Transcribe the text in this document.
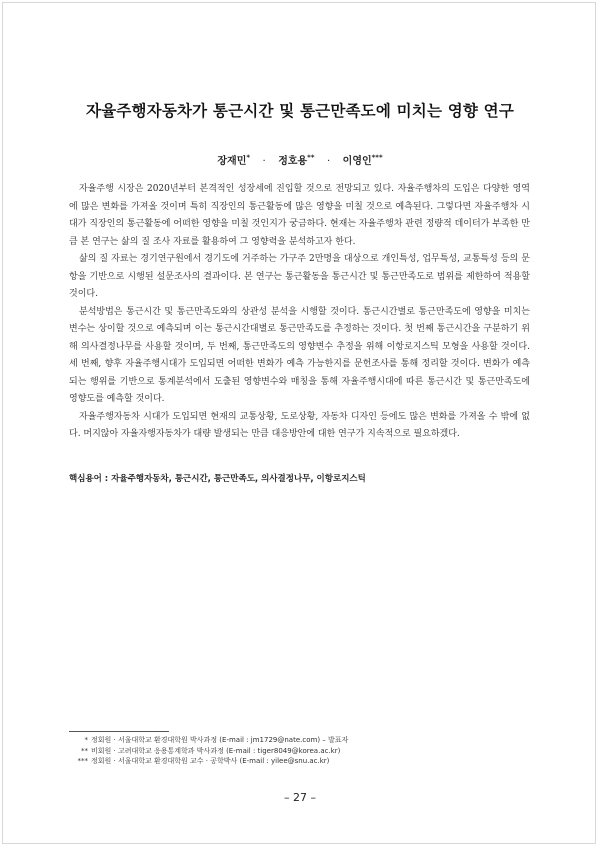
자율주행자동차가 통근시간 및 통근만족도에 미치는 영향 연구
장재민* · 정호용** · 이영인***

자율주행 시장은 2020년부터 본격적인 성장세에 진입할 것으로 전망되고 있다. 자율주행차의 도입은 다양한 영역에 많은 변화를 가져올 것이며 특히 직장인의 통근활동에 많은 영향을 미칠 것으로 예측된다. 그렇다면 자율주행차 시대가 직장인의 통근활동에 어떠한 영향을 미칠 것인지가 궁금하다. 현재는 자율주행차 관련 정량적 데이터가 부족한 만큼 본 연구는 삶의 질 조사 자료를 활용하여 그 영향력을 분석하고자 한다.

삶의 질 자료는 경기연구원에서 경기도에 거주하는 가구주 2만명을 대상으로 개인특성, 업무특성, 교통특성 등의 문항을 기반으로 시행된 설문조사의 결과이다. 본 연구는 통근활동을 통근시간 및 통근만족도로 범위를 제한하여 적용할 것이다.

분석방법은 통근시간 및 통근만족도와의 상관성 분석을 시행할 것이다. 통근시간별로 통근만족도에 영향을 미치는 변수는 상이할 것으로 예측되며 이는 통근시간대별로 통근만족도를 추정하는 것이다. 첫 번째 통근시간을 구분하기 위해 의사결정나무를 사용할 것이며, 두 번째, 통근만족도의 영향변수 추정을 위해 이항로지스틱 모형을 사용할 것이다. 세 번째, 향후 자율주행시대가 도입되면 어떠한 변화가 예측 가능한지를 문헌조사를 통해 정리할 것이다. 변화가 예측되는 행위를 기반으로 통계분석에서 도출된 영향변수와 매칭을 통해 자율주행시대에 따른 통근시간 및 통근만족도에 영향도를 예측할 것이다.

자율주행자동차 시대가 도입되면 현재의 교통상황, 도로상황, 자동차 디자인 등에도 많은 변화를 가져올 수 밖에 없다. 머지않아 자율자행자동차가 대량 발생되는 만큼 대응방안에 대한 연구가 지속적으로 필요하겠다.

핵심용어 : 자율주행자동차, 통근시간, 통근만족도, 의사결정나무, 이항로지스틱
* 정회원 · 서울대학교 환경대학원 박사과정 (E-mail : jm1729@nate.com) – 발표자
** 비회원 · 고려대학교 응용통계학과 박사과정 (E-mail : tiger8049@korea.ac.kr)
*** 정회원 · 서울대학교 환경대학원 교수 · 공학박사 (E-mail : yilee@snu.ac.kr)
– 27 –
